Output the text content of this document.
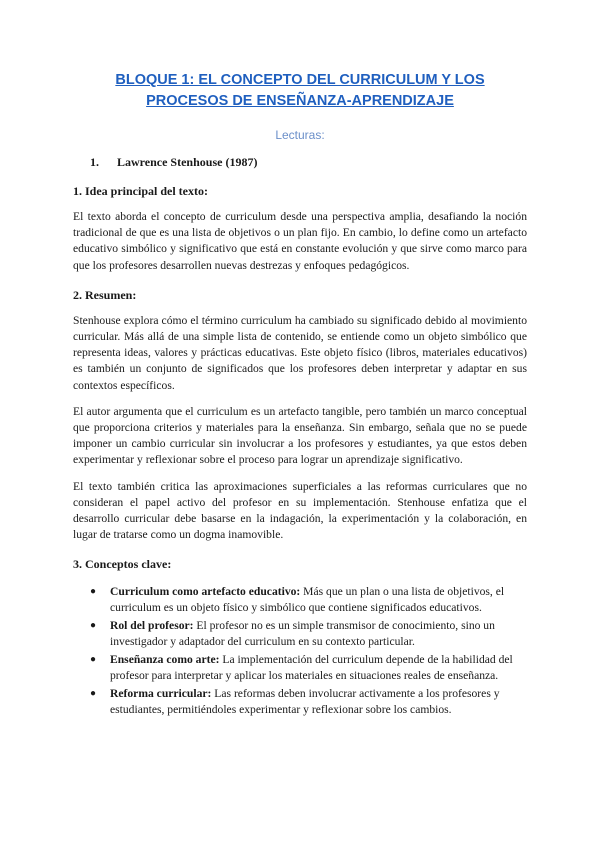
BLOQUE 1: EL CONCEPTO DEL CURRICULUM Y LOS
PROCESOS DE ENSEÑANZA-APRENDIZAJE
Lecturas:
1. Lawrence Stenhouse (1987)
1. Idea principal del texto:

El texto aborda el concepto de curriculum desde una perspectiva amplia, desafiando la noción tradicional de que es una lista de objetivos o un plan fijo. En cambio, lo define como un artefacto educativo simbólico y significativo que está en constante evolución y que sirve como marco para que los profesores desarrollen nuevas destrezas y enfoques pedagógicos.

2. Resumen:

Stenhouse explora cómo el término curriculum ha cambiado su significado debido al movimiento curricular. Más allá de una simple lista de contenido, se entiende como un objeto simbólico que representa ideas, valores y prácticas educativas. Este objeto físico (libros, materiales educativos) es también un conjunto de significados que los profesores deben interpretar y adaptar en sus contextos específicos.

El autor argumenta que el curriculum es un artefacto tangible, pero también un marco conceptual que proporciona criterios y materiales para la enseñanza. Sin embargo, señala que no se puede imponer un cambio curricular sin involucrar a los profesores y estudiantes, ya que estos deben experimentar y reflexionar sobre el proceso para lograr un aprendizaje significativo.

El texto también critica las aproximaciones superficiales a las reformas curriculares que no consideran el papel activo del profesor en su implementación. Stenhouse enfatiza que el desarrollo curricular debe basarse en la indagación, la experimentación y la colaboración, en lugar de tratarse como un dogma inamovible.

3. Conceptos clave:
● Curriculum como artefacto educativo: Más que un plan o una lista de objetivos, el curriculum es un objeto físico y simbólico que contiene significados educativos.
● Rol del profesor: El profesor no es un simple transmisor de conocimiento, sino un investigador y adaptador del curriculum en su contexto particular.
● Enseñanza como arte: La implementación del curriculum depende de la habilidad del profesor para interpretar y aplicar los materiales en situaciones reales de enseñanza.
● Reforma curricular: Las reformas deben involucrar activamente a los profesores y estudiantes, permitiéndoles experimentar y reflexionar sobre los cambios.
